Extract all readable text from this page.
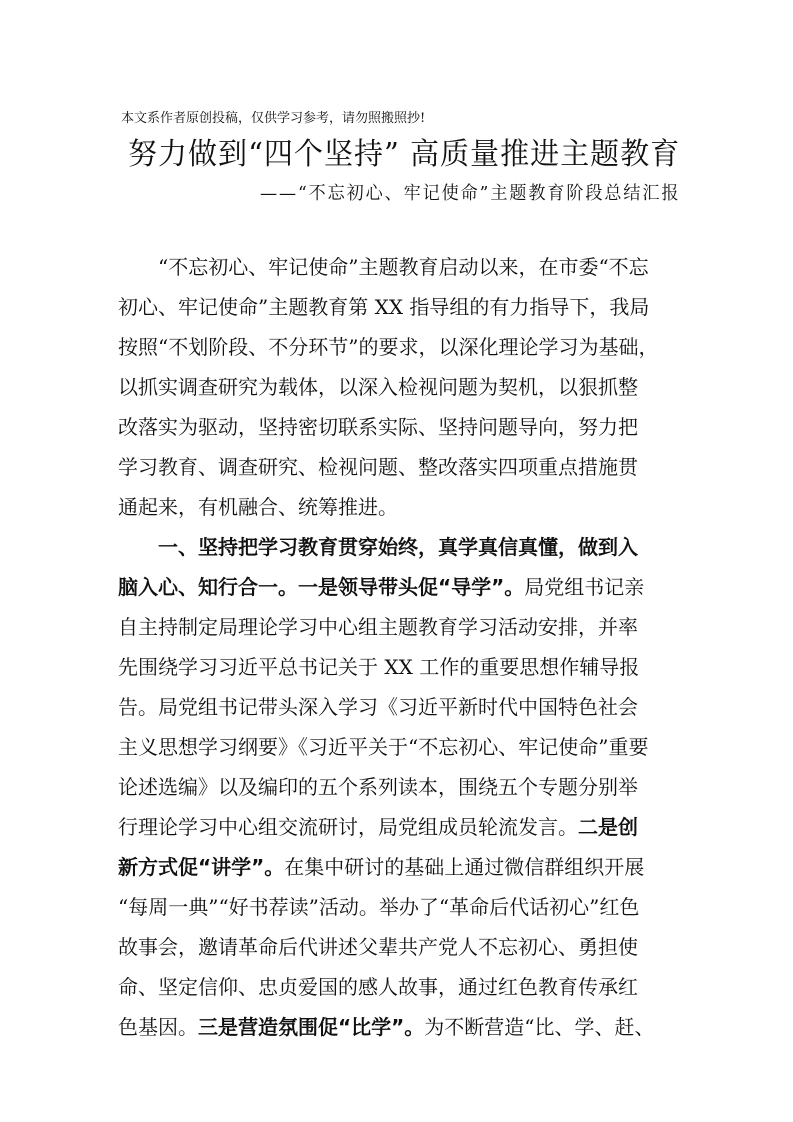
本文系作者原创投稿，仅供学习参考，请勿照搬照抄!
努力做到“四个坚持” 高质量推进主题教育
——“不忘初心、牢记使命”主题教育阶段总结汇报
“不忘初心、牢记使命”主题教育启动以来，在市委“不忘
初心、牢记使命”主题教育第 XX 指导组的有力指导下，我局
按照“不划阶段、不分环节”的要求，以深化理论学习为基础，
以抓实调查研究为载体，以深入检视问题为契机，以狠抓整
改落实为驱动，坚持密切联系实际、坚持问题导向，努力把
学习教育、调查研究、检视问题、整改落实四项重点措施贯
通起来，有机融合、统筹推进。
一、坚持把学习教育贯穿始终，真学真信真懂，做到入
脑入心、知行合一。一是领导带头促“导学”。局党组书记亲
自主持制定局理论学习中心组主题教育学习活动安排，并率
先围绕学习习近平总书记关于 XX 工作的重要思想作辅导报
告。局党组书记带头深入学习《习近平新时代中国特色社会
主义思想学习纲要》《习近平关于“不忘初心、牢记使命”重要
论述选编》以及编印的五个系列读本，围绕五个专题分别举
行理论学习中心组交流研讨，局党组成员轮流发言。二是创
新方式促“讲学”。在集中研讨的基础上通过微信群组织开展
“每周一典”“好书荐读”活动。举办了“革命后代话初心”红色
故事会，邀请革命后代讲述父辈共产党人不忘初心、勇担使
命、坚定信仰、忠贞爱国的感人故事，通过红色教育传承红
色基因。三是营造氛围促“比学”。为不断营造“比、学、赶、
